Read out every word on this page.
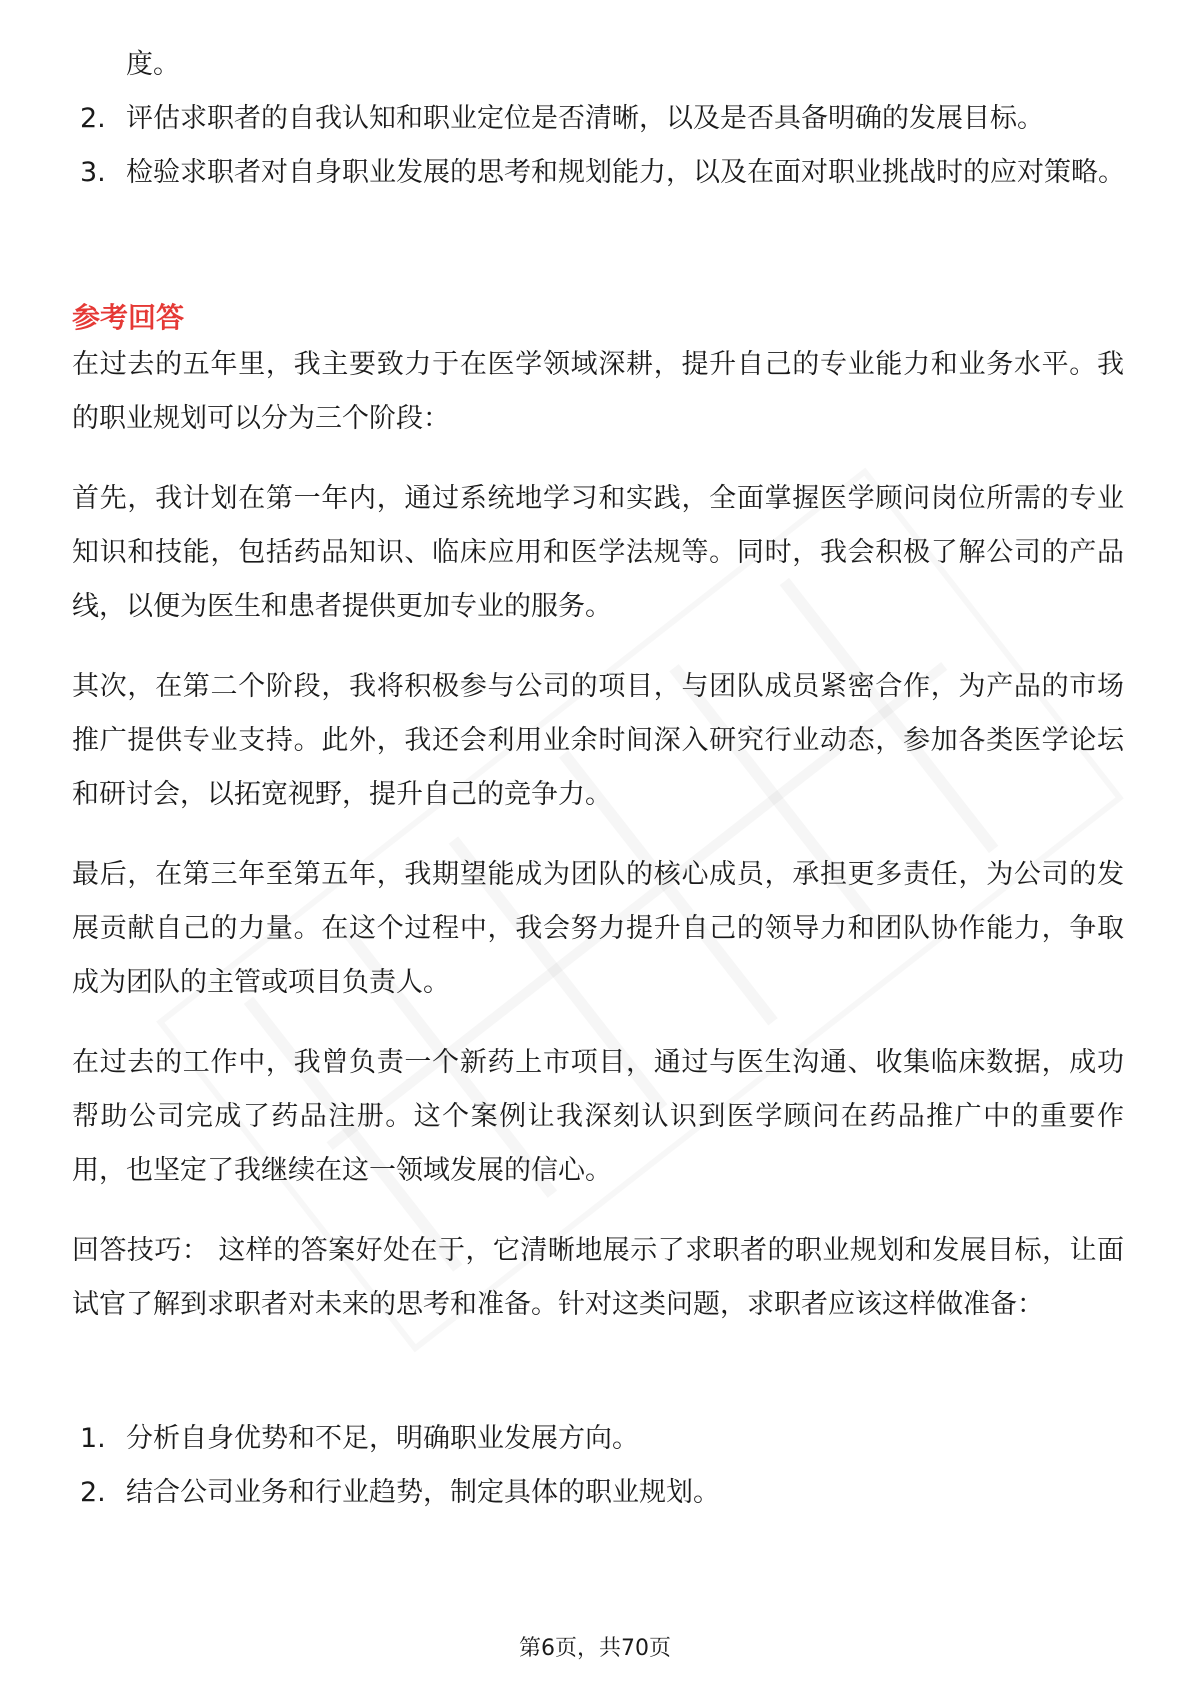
度。
2. 评估求职者的自我认知和职业定位是否清晰，以及是否具备明确的发展目标。
3. 检验求职者对自身职业发展的思考和规划能力，以及在面对职业挑战时的应对策略。
参考回答

在过去的五年里，我主要致力于在医学领域深耕，提升自己的专业能力和业务水平。我的职业规划可以分为三个阶段：

首先，我计划在第一年内，通过系统地学习和实践，全面掌握医学顾问岗位所需的专业知识和技能，包括药品知识、临床应用和医学法规等。同时，我会积极了解公司的产品线，以便为医生和患者提供更加专业的服务。

其次，在第二个阶段，我将积极参与公司的项目，与团队成员紧密合作，为产品的市场推广提供专业支持。此外，我还会利用业余时间深入研究行业动态，参加各类医学论坛和研讨会，以拓宽视野，提升自己的竞争力。

最后，在第三年至第五年，我期望能成为团队的核心成员，承担更多责任，为公司的发展贡献自己的力量。在这个过程中，我会努力提升自己的领导力和团队协作能力，争取成为团队的主管或项目负责人。

在过去的工作中，我曾负责一个新药上市项目，通过与医生沟通、收集临床数据，成功帮助公司完成了药品注册。这个案例让我深刻认识到医学顾问在药品推广中的重要作用，也坚定了我继续在这一领域发展的信心。

回答技巧： 这样的答案好处在于，它清晰地展示了求职者的职业规划和发展目标，让面试官了解到求职者对未来的思考和准备。针对这类问题，求职者应该这样做准备：

1. 分析自身优势和不足，明确职业发展方向。
2. 结合公司业务和行业趋势，制定具体的职业规划。
第6页，共70页
